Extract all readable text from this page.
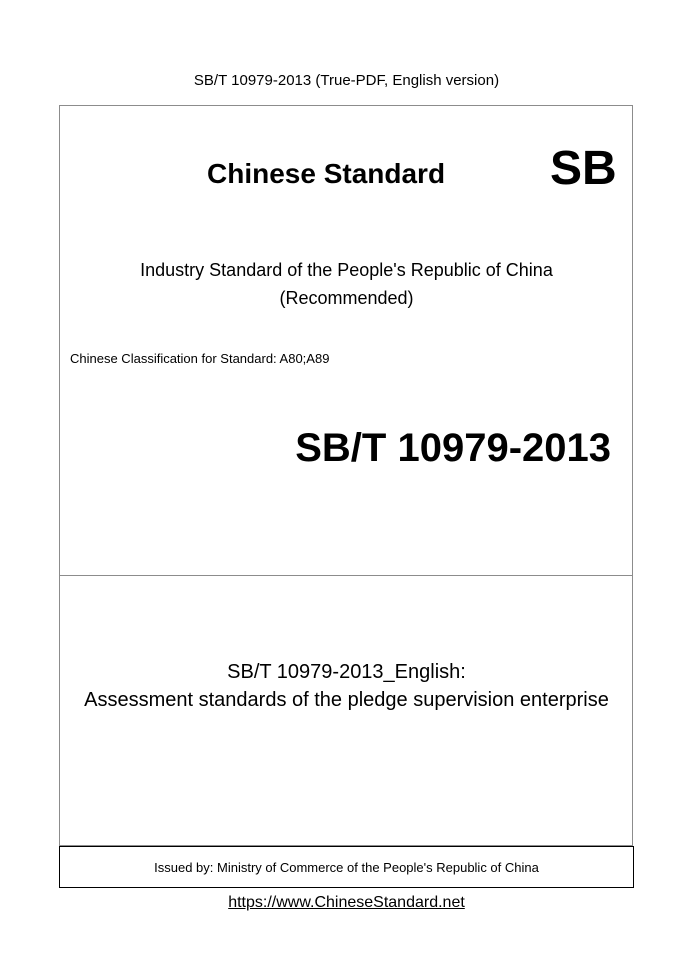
SB/T 10979-2013 (True-PDF, English version)
Chinese Standard SB
Industry Standard of the People's Republic of China
(Recommended)
Chinese Classification for Standard: A80;A89
SB/T 10979-2013
SB/T 10979-2013_English:
Assessment standards of the pledge supervision enterprise
Issued by: Ministry of Commerce of the People's Republic of China
https://www.ChineseStandard.net
